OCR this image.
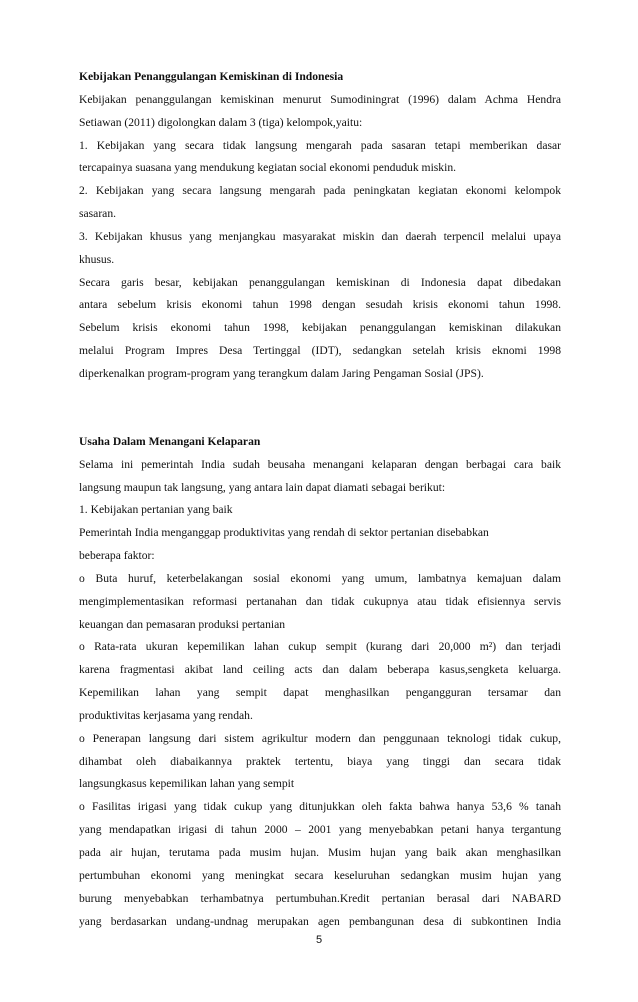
Kebijakan Penanggulangan Kemiskinan di Indonesia
Kebijakan penanggulangan kemiskinan menurut Sumodiningrat (1996) dalam Achma Hendra
Setiawan (2011) digolongkan dalam 3 (tiga) kelompok,yaitu:
1. Kebijakan yang secara tidak langsung mengarah pada sasaran tetapi memberikan dasar
tercapainya suasana yang mendukung kegiatan social ekonomi penduduk miskin.
2. Kebijakan yang secara langsung mengarah pada peningkatan kegiatan ekonomi kelompok
sasaran.
3. Kebijakan khusus yang menjangkau masyarakat miskin dan daerah terpencil melalui upaya
khusus.
Secara garis besar, kebijakan penanggulangan kemiskinan di Indonesia dapat dibedakan
antara sebelum krisis ekonomi tahun 1998 dengan sesudah krisis ekonomi tahun 1998.
Sebelum krisis ekonomi tahun 1998, kebijakan penanggulangan kemiskinan dilakukan
melalui Program Impres Desa Tertinggal (IDT), sedangkan setelah krisis eknomi 1998
diperkenalkan program-program yang terangkum dalam Jaring Pengaman Sosial (JPS).
Usaha Dalam Menangani Kelaparan
Selama ini pemerintah India sudah beusaha menangani kelaparan dengan berbagai cara baik
langsung maupun tak langsung, yang antara lain dapat diamati sebagai berikut:
1. Kebijakan pertanian yang baik
Pemerintah India menganggap produktivitas yang rendah di sektor pertanian disebabkan
beberapa faktor:
o Buta huruf, keterbelakangan sosial ekonomi yang umum, lambatnya kemajuan dalam
mengimplementasikan reformasi pertanahan dan tidak cukupnya atau tidak efisiennya servis
keuangan dan pemasaran produksi pertanian
o Rata-rata ukuran kepemilikan lahan cukup sempit (kurang dari 20,000 m²) dan terjadi
karena fragmentasi akibat land ceiling acts dan dalam beberapa kasus,sengketa keluarga.
Kepemilikan lahan yang sempit dapat menghasilkan pengangguran tersamar dan
produktivitas kerjasama yang rendah.
o Penerapan langsung dari sistem agrikultur modern dan penggunaan teknologi tidak cukup,
dihambat oleh diabaikannya praktek tertentu, biaya yang tinggi dan secara tidak
langsungkasus kepemilikan lahan yang sempit
o Fasilitas irigasi yang tidak cukup yang ditunjukkan oleh fakta bahwa hanya 53,6 % tanah
yang mendapatkan irigasi di tahun 2000 – 2001 yang menyebabkan petani hanya tergantung
pada air hujan, terutama pada musim hujan. Musim hujan yang baik akan menghasilkan
pertumbuhan ekonomi yang meningkat secara keseluruhan sedangkan musim hujan yang
burung menyebabkan terhambatnya pertumbuhan.Kredit pertanian berasal dari NABARD
yang berdasarkan undang-undnag merupakan agen pembangunan desa di subkontinen India
5
